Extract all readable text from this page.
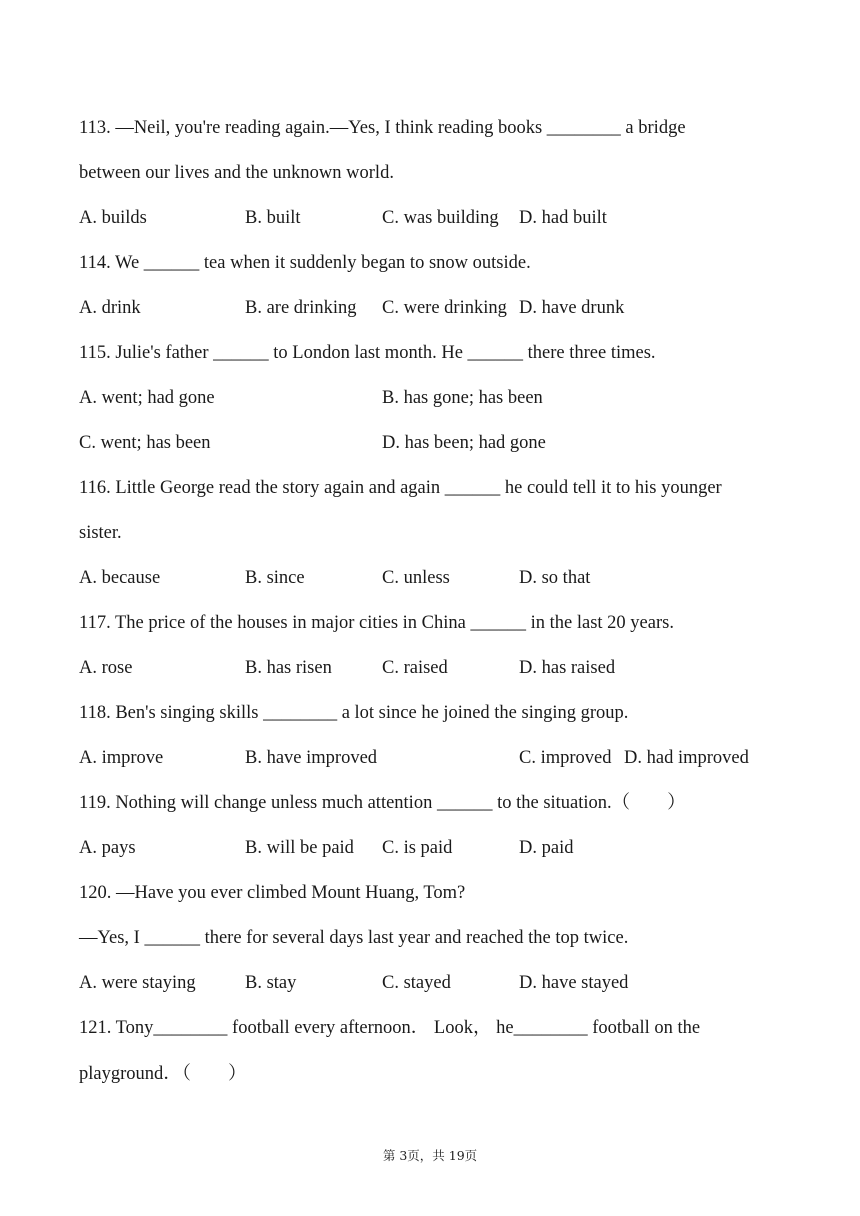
113. —Neil, you're reading again.—Yes, I think reading books ________ a bridge
between our lives and the unknown world.
A. builds	B. built	C. was building D. had built
114. We ______ tea when it suddenly began to snow outside.
A. drink	B. are drinking C. were drinking D. have drunk
115. Julie's father ______ to London last month. He ______ there three times.
A. went; had gone	B. has gone; has been
C. went; has been	D. has been; had gone
116. Little George read the story again and again ______ he could tell it to his younger
sister.
A. because	B. since	C. unless	D. so that
117. The price of the houses in major cities in China ______ in the last 20 years.
A. rose	B. has risen	C. raised	D. has raised
118. Ben's singing skills ________ a lot since he joined the singing group.
A. improve	B. have improved	C. improved D. had improved
119. Nothing will change unless much attention ______ to the situation.（　　）
A. pays	B. will be paid C. is paid	D. paid
120. —Have you ever climbed Mount Huang, Tom?
—Yes, I ______ there for several days last year and reached the top twice.
A. were staying	B. stay	C. stayed	D. have stayed
121. Tony________ football every afternoon． Look， he________ football on the
playground．（　　）
第 3页，共 19页
